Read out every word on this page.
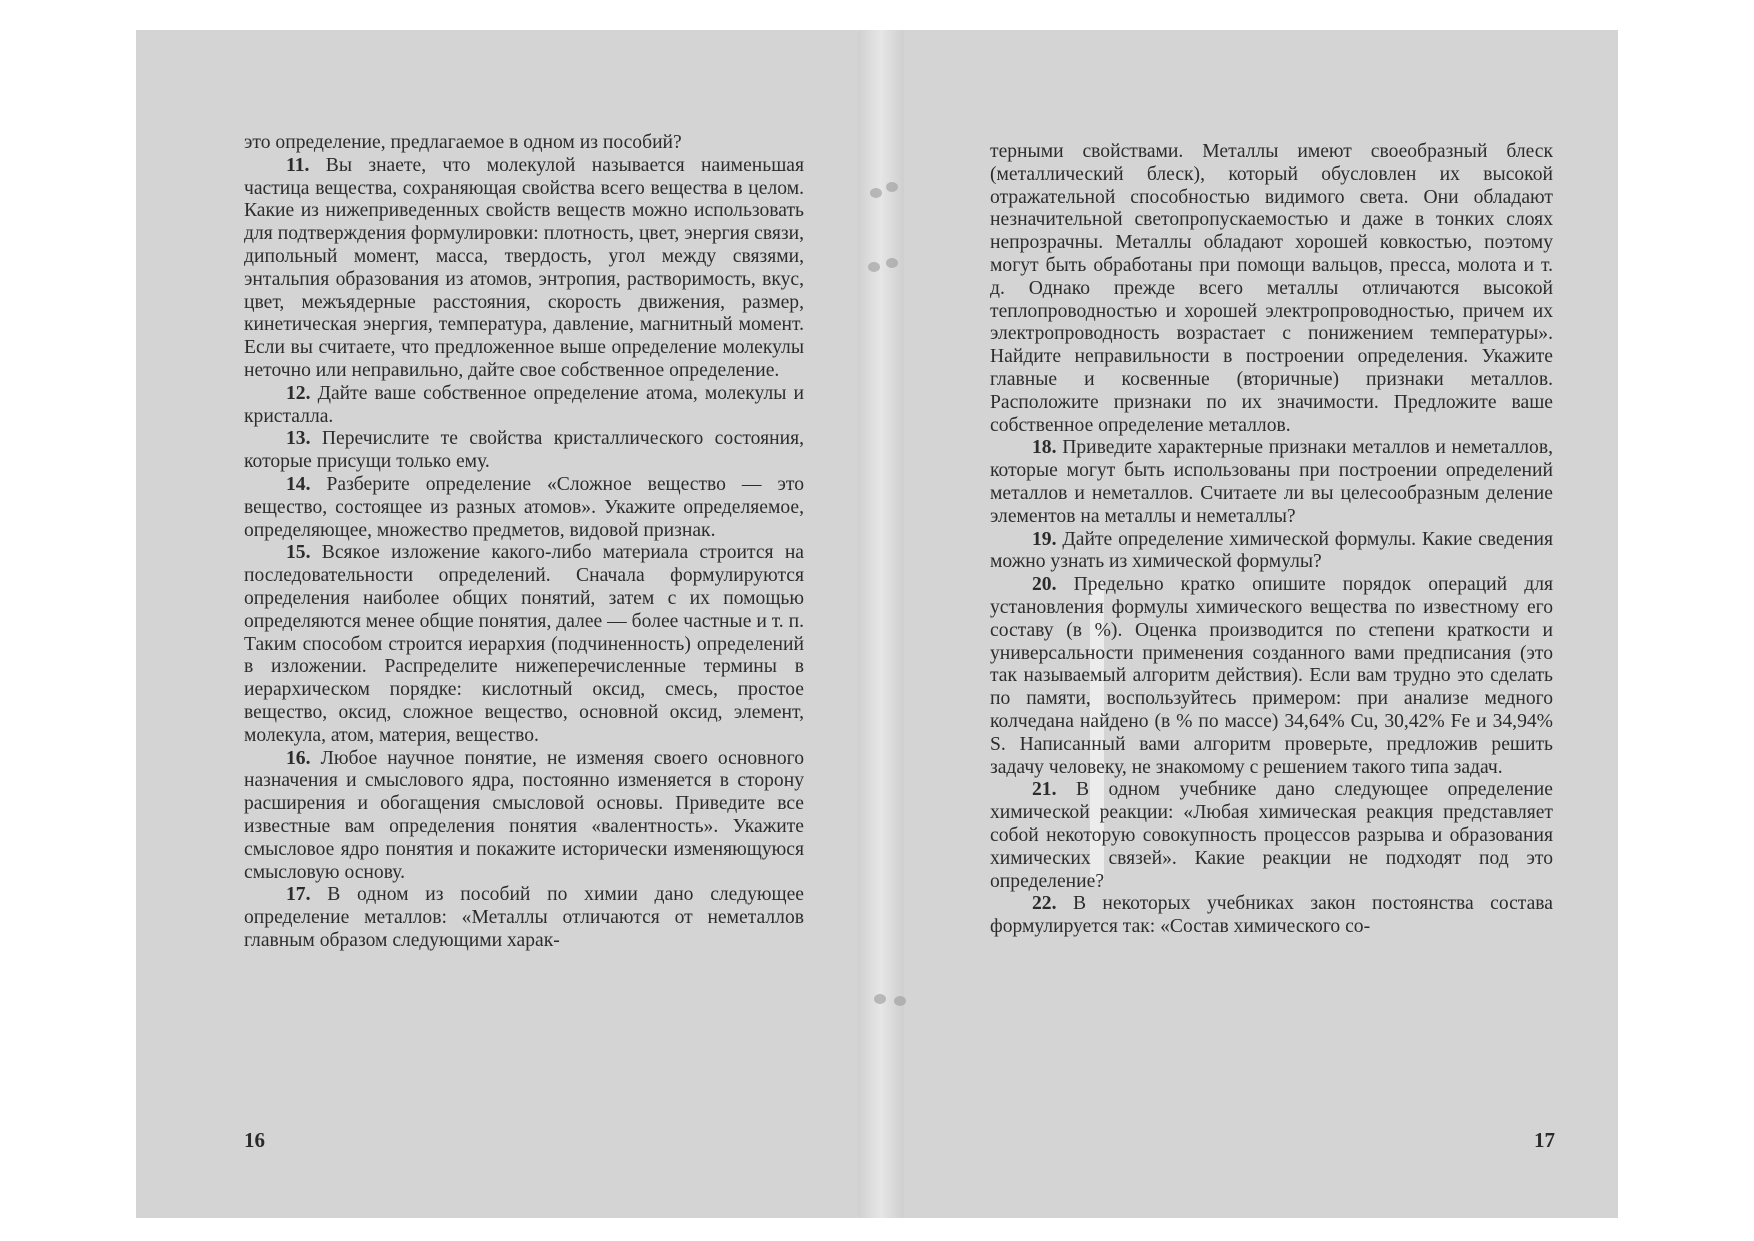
это определение, предлагаемое в одном из пособий?

11. Вы знаете, что молекулой называется наименьшая частица вещества, сохраняющая свойства всего вещества в целом. Какие из нижеприведенных свойств веществ можно использовать для подтверждения формулировки: плотность, цвет, энергия связи, дипольный момент, масса, твердость, угол между связями, энтальпия образования из атомов, энтропия, растворимость, вкус, цвет, межъядерные расстояния, скорость движения, размер, кинетическая энергия, температура, давление, магнитный момент. Если вы считаете, что предложенное выше определение молекулы неточно или неправильно, дайте свое собственное определение.

12. Дайте ваше собственное определение атома, молекулы и кристалла.

13. Перечислите те свойства кристаллического состояния, которые присущи только ему.

14. Разберите определение «Сложное вещество — это вещество, состоящее из разных атомов». Укажите определяемое, определяющее, множество предметов, видовой признак.

15. Всякое изложение какого-либо материала строится на последовательности определений. Сначала формулируются определения наиболее общих понятий, затем с их помощью определяются менее общие понятия, далее — более частные и т. п. Таким способом строится иерархия (подчиненность) определений в изложении. Распределите нижеперечисленные термины в иерархическом порядке: кислотный оксид, смесь, простое вещество, оксид, сложное вещество, основной оксид, элемент, молекула, атом, материя, вещество.

16. Любое научное понятие, не изменяя своего основного назначения и смыслового ядра, постоянно изменяется в сторону расширения и обогащения смысловой основы. Приведите все известные вам определения понятия «валентность». Укажите смысловое ядро понятия и покажите исторически изменяющуюся смысловую основу.

17. В одном из пособий по химии дано следующее определение металлов: «Металлы отличаются от неметаллов главным образом следующими харак-

16

терными свойствами. Металлы имеют своеобразный блеск (металлический блеск), который обусловлен их высокой отражательной способностью видимого света. Они обладают незначительной светопропускаемостью и даже в тонких слоях непрозрачны. Металлы обладают хорошей ковкостью, поэтому могут быть обработаны при помощи вальцов, пресса, молота и т. д. Однако прежде всего металлы отличаются высокой теплопроводностью и хорошей электропроводностью, причем их электропроводность возрастает с понижением температуры». Найдите неправильности в построении определения. Укажите главные и косвенные (вторичные) признаки металлов. Расположите признаки по их значимости. Предложите ваше собственное определение металлов.

18. Приведите характерные признаки металлов и неметаллов, которые могут быть использованы при построении определений металлов и неметаллов. Считаете ли вы целесообразным деление элементов на металлы и неметаллы?

19. Дайте определение химической формулы. Какие сведения можно узнать из химической формулы?

20. Предельно кратко опишите порядок операций для установления формулы химического вещества по известному его составу (в %). Оценка производится по степени краткости и универсальности применения созданного вами предписания (это так называемый алгоритм действия). Если вам трудно это сделать по памяти, воспользуйтесь примером: при анализе медного колчедана найдено (в % по массе) 34,64% Cu, 30,42% Fe и 34,94% S. Написанный вами алгоритм проверьте, предложив решить задачу человеку, не знакомому с решением такого типа задач.

21. В одном учебнике дано следующее определение химической реакции: «Любая химическая реакция представляет собой некоторую совокупность процессов разрыва и образования химических связей». Какие реакции не подходят под это определение?

22. В некоторых учебниках закон постоянства состава формулируется так: «Состав химического со-

17
